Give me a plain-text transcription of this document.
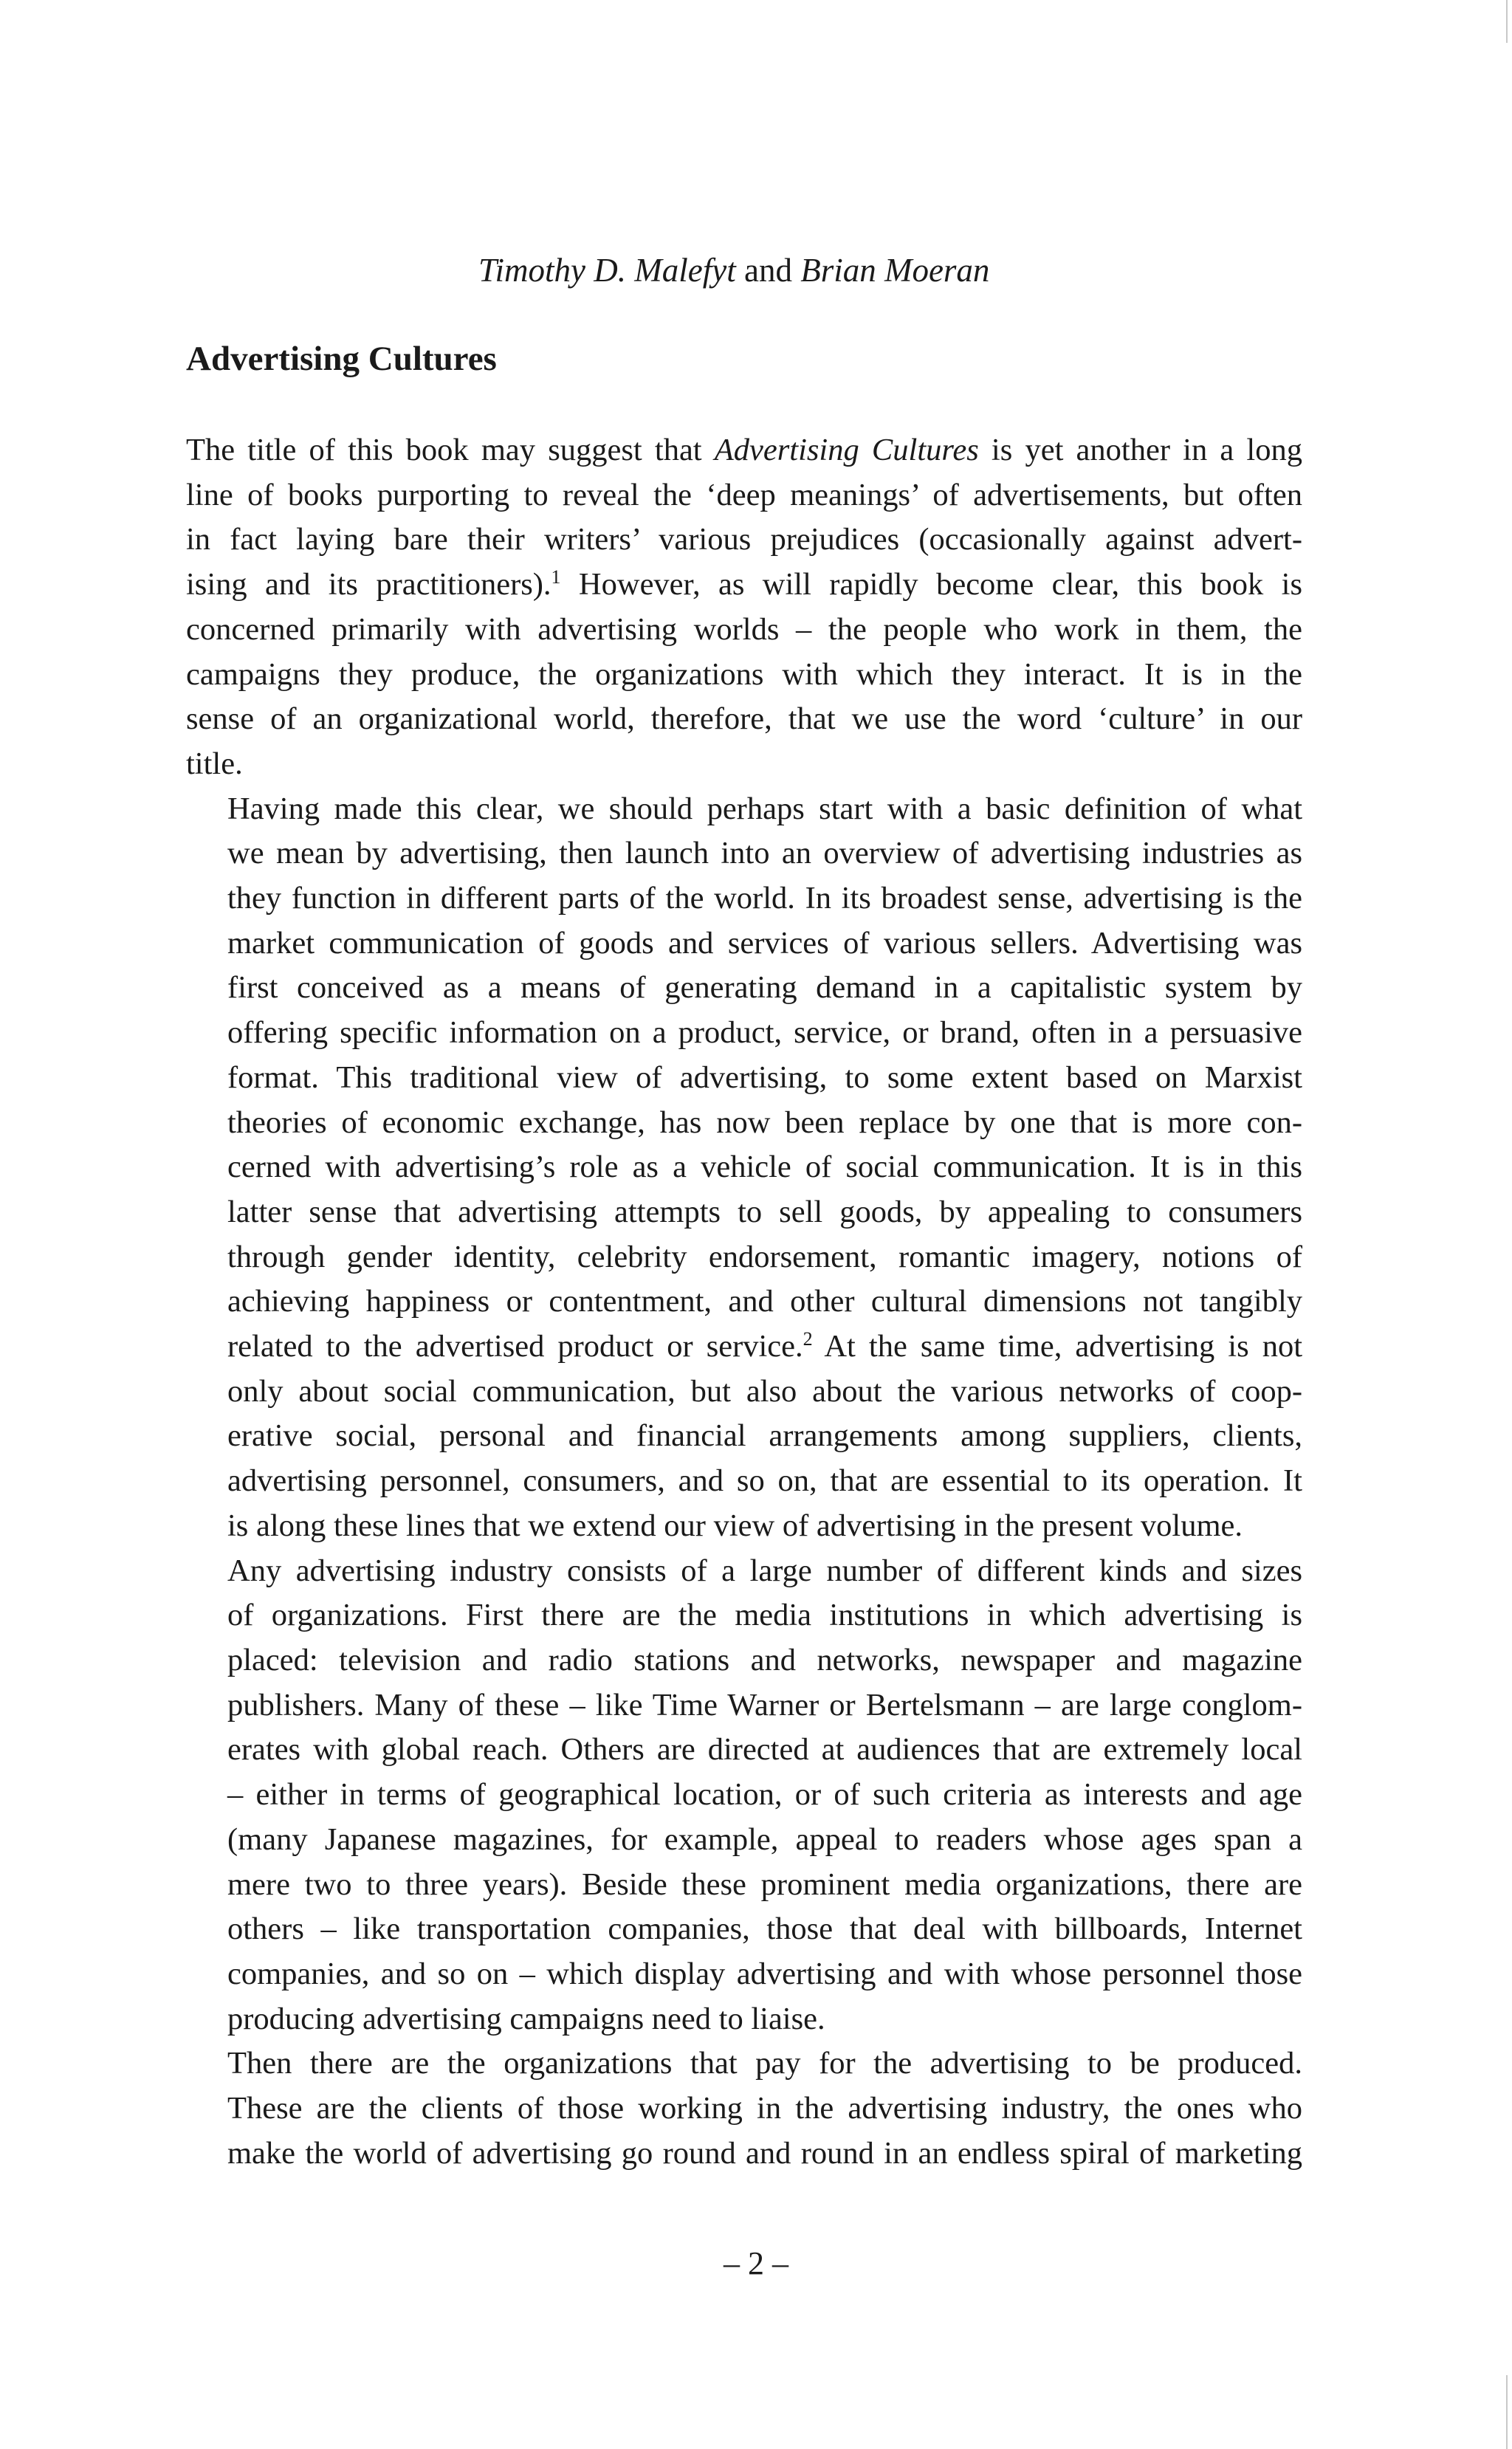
Timothy D. Malefyt and Brian Moeran
Advertising Cultures

The title of this book may suggest that Advertising Cultures is yet another in a long
line of books purporting to reveal the ‘deep meanings’ of advertisements, but often
in fact laying bare their writers’ various prejudices (occasionally against advert-
ising and its practitioners).$^1$ However, as will rapidly become clear, this book is
concerned primarily with advertising worlds – the people who work in them, the
campaigns they produce, the organizations with which they interact. It is in the
sense of an organizational world, therefore, that we use the word ‘culture’ in our
title.

Having made this clear, we should perhaps start with a basic definition of what
we mean by advertising, then launch into an overview of advertising industries as
they function in different parts of the world. In its broadest sense, advertising is the
market communication of goods and services of various sellers. Advertising was
first conceived as a means of generating demand in a capitalistic system by
offering specific information on a product, service, or brand, often in a persuasive
format. This traditional view of advertising, to some extent based on Marxist
theories of economic exchange, has now been replace by one that is more con-
cerned with advertising’s role as a vehicle of social communication. It is in this
latter sense that advertising attempts to sell goods, by appealing to consumers
through gender identity, celebrity endorsement, romantic imagery, notions of
achieving happiness or contentment, and other cultural dimensions not tangibly
related to the advertised product or service.$^2$ At the same time, advertising is not
only about social communication, but also about the various networks of coop-
erative social, personal and financial arrangements among suppliers, clients,
advertising personnel, consumers, and so on, that are essential to its operation. It
is along these lines that we extend our view of advertising in the present volume.

Any advertising industry consists of a large number of different kinds and sizes
of organizations. First there are the media institutions in which advertising is
placed: television and radio stations and networks, newspaper and magazine
publishers. Many of these – like Time Warner or Bertelsmann – are large conglom-
erates with global reach. Others are directed at audiences that are extremely local
– either in terms of geographical location, or of such criteria as interests and age
(many Japanese magazines, for example, appeal to readers whose ages span a
mere two to three years). Beside these prominent media organizations, there are
others – like transportation companies, those that deal with billboards, Internet
companies, and so on – which display advertising and with whose personnel those
producing advertising campaigns need to liaise.

Then there are the organizations that pay for the advertising to be produced.
These are the clients of those working in the advertising industry, the ones who
make the world of advertising go round and round in an endless spiral of marketing

– 2 –
